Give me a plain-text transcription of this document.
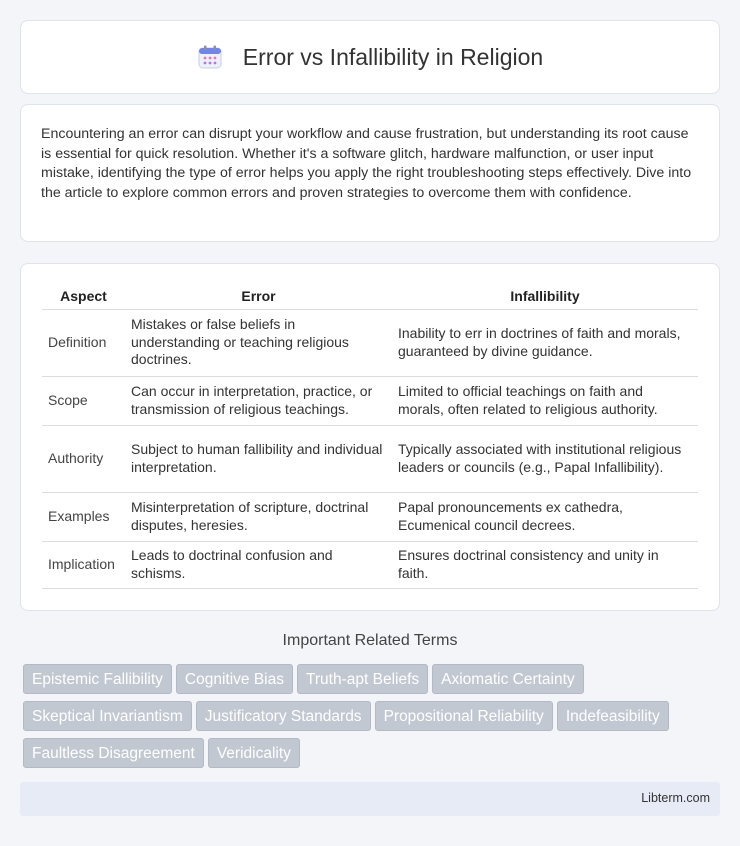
Error vs Infallibility in Religion

Encountering an error can disrupt your workflow and cause frustration, but understanding its root cause is essential for quick resolution. Whether it's a software glitch, hardware malfunction, or user input mistake, identifying the type of error helps you apply the right troubleshooting steps effectively. Dive into the article to explore common errors and proven strategies to overcome them with confidence.

Aspect	Error	Infallibility
Definition	Mistakes or false beliefs in understanding or teaching religious doctrines.	Inability to err in doctrines of faith and morals, guaranteed by divine guidance.
Scope	Can occur in interpretation, practice, or transmission of religious teachings.	Limited to official teachings on faith and morals, often related to religious authority.
Authority	Subject to human fallibility and individual interpretation.	Typically associated with institutional religious leaders or councils (e.g., Papal Infallibility).
Examples	Misinterpretation of scripture, doctrinal disputes, heresies.	Papal pronouncements ex cathedra, Ecumenical council decrees.
Implication	Leads to doctrinal confusion and schisms.	Ensures doctrinal consistency and unity in faith.
Important Related Terms
Epistemic Fallibility Cognitive Bias Truth-apt Beliefs Axiomatic Certainty
Skeptical Invariantism Justificatory Standards Propositional Reliability Indefeasibility
Faultless Disagreement Veridicality
Libterm.com
